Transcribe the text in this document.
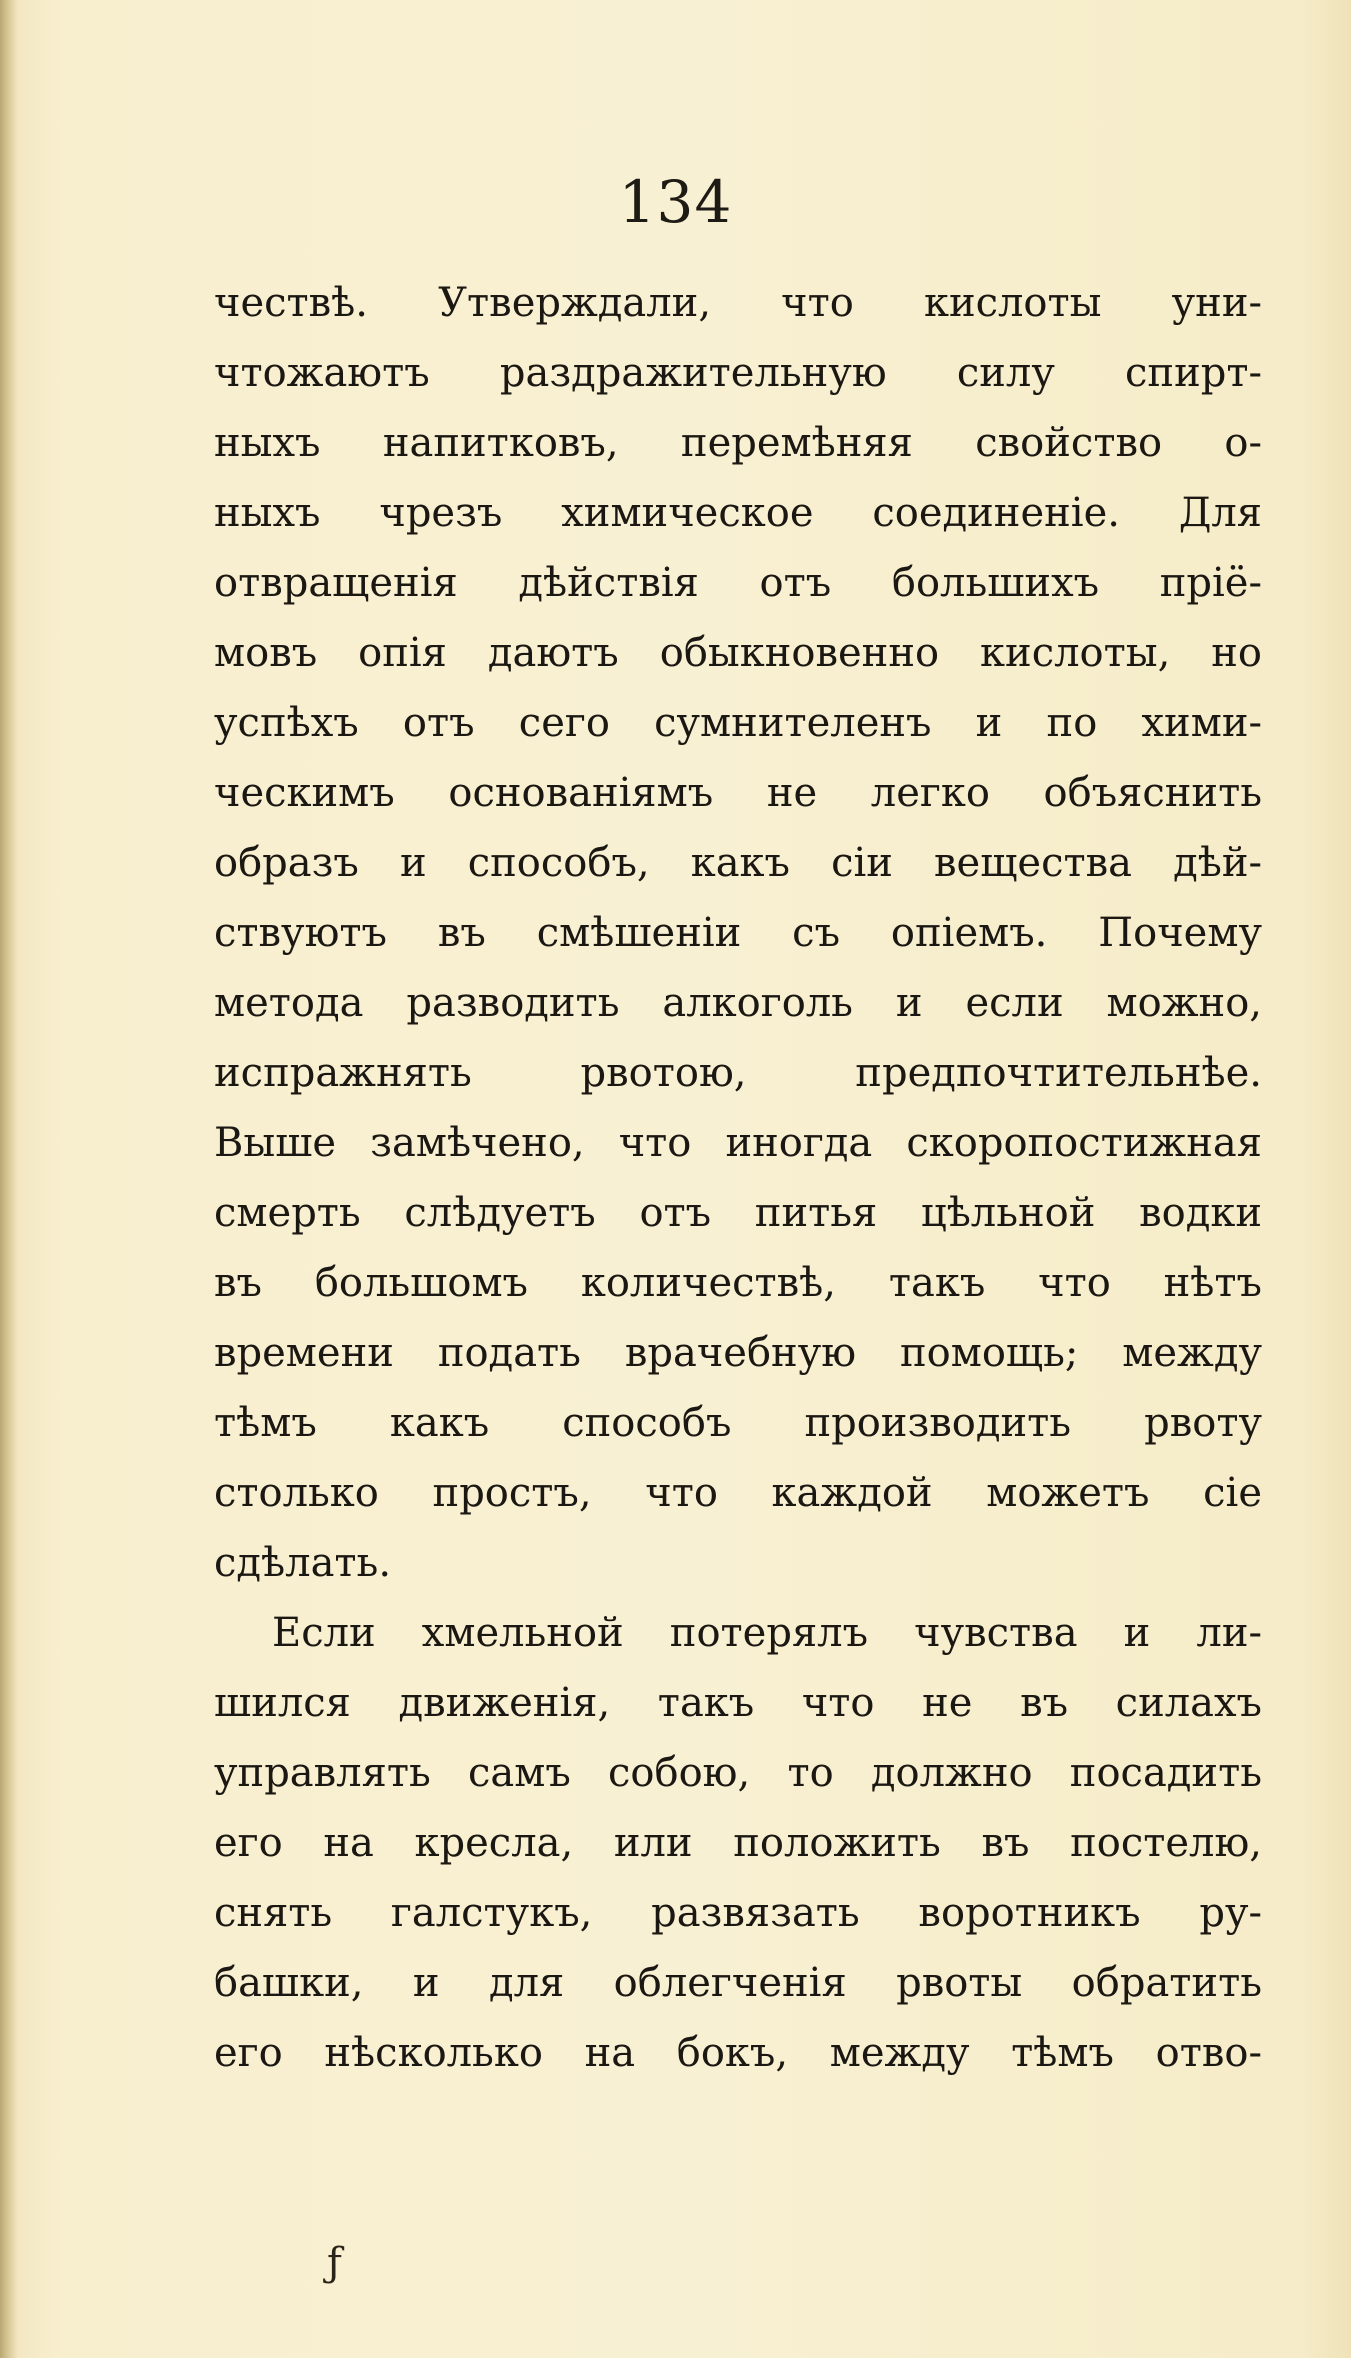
134
чествѣ. Утверждали, что кислоты уни-
чтожаютъ раздражительную силу спирт-
ныхъ напитковъ, перемѣняя свойство о-
ныхъ чрезъ химическое соединеніе. Для
отвращенія дѣйствія отъ большихъ пріё-
мовъ опія даютъ обыкновенно кислоты, но
успѣхъ отъ сего сумнителенъ и по хими-
ческимъ основаніямъ не легко объяснить
образъ и способъ, какъ сіи вещества дѣй-
ствуютъ въ смѣшеніи съ опіемъ. Почему
метода разводить алкоголь и если можно,
испражнять рвотою, предпочтительнѣе.
Выше замѣчено, что иногда скоропостижная
смерть слѣдуетъ отъ питья цѣльной водки
въ большомъ количествѣ, такъ что нѣтъ
времени подать врачебную помощь; между
тѣмъ какъ способъ производить рвоту
столько простъ, что каждой можетъ сіе
сдѣлать.
Если хмельной потерялъ чувства и ли-
шился движенія, такъ что не въ силахъ
управлять самъ собою, то должно посадить
его на кресла, или положить въ постелю,
снять галстукъ, развязать воротникъ ру-
башки, и для облегченія рвоты обратить
его нѣсколько на бокъ, между тѣмъ отво-
ƒ
